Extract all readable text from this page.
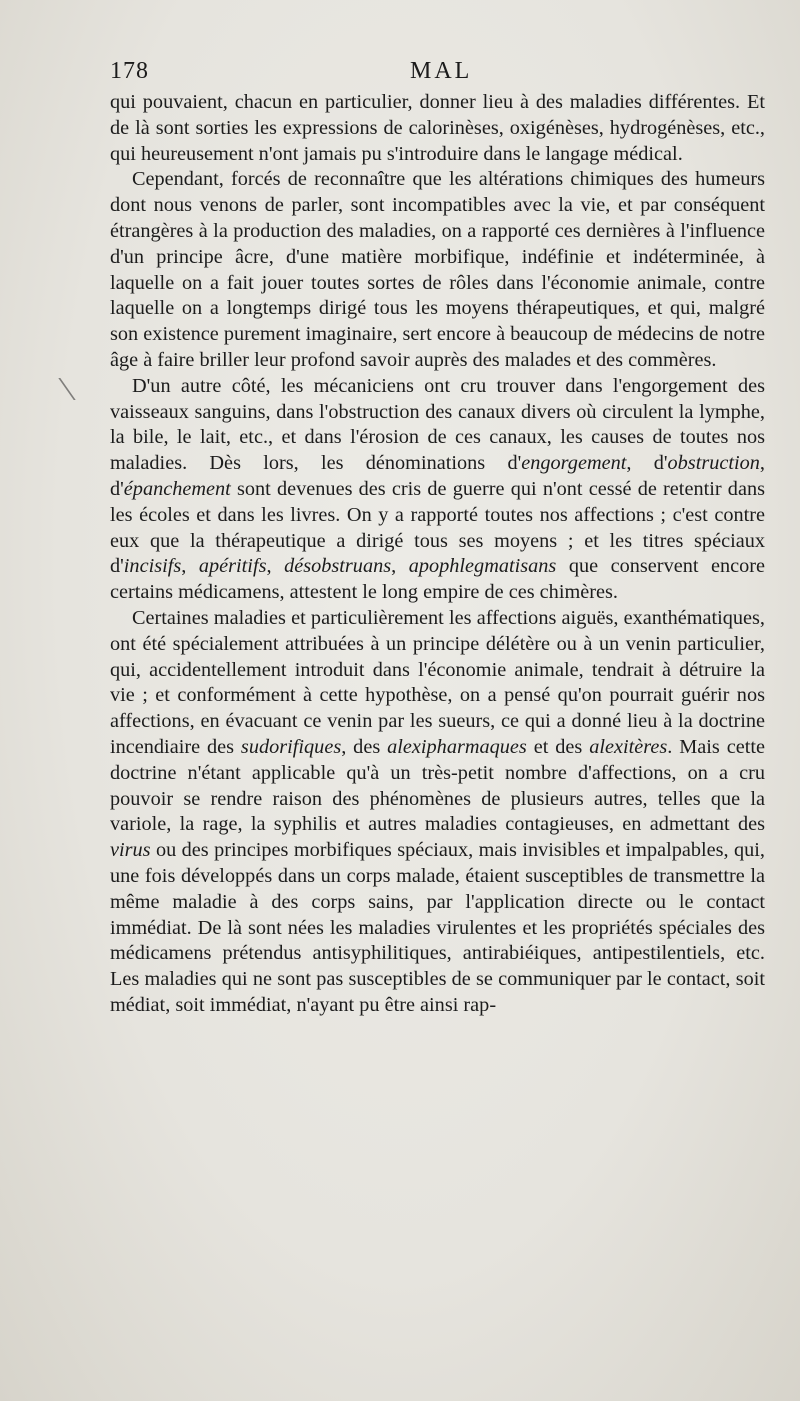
178	MAL

qui pouvaient, chacun en particulier, donner lieu à des maladies différentes. Et de là sont sorties les expressions de calorinèses, oxigénèses, hydrogénèses, etc., qui heureusement n'ont jamais pu s'introduire dans le langage médical.

Cependant, forcés de reconnaître que les altérations chimiques des humeurs dont nous venons de parler, sont incompatibles avec la vie, et par conséquent étrangères à la production des maladies, on a rapporté ces dernières à l'influence d'un principe âcre, d'une matière morbifique, indéfinie et indéterminée, à laquelle on a fait jouer toutes sortes de rôles dans l'économie animale, contre laquelle on a longtemps dirigé tous les moyens thérapeutiques, et qui, malgré son existence purement imaginaire, sert encore à beaucoup de médecins de notre âge à faire briller leur profond savoir auprès des malades et des commères.

D'un autre côté, les mécaniciens ont cru trouver dans l'engorgement des vaisseaux sanguins, dans l'obstruction des canaux divers où circulent la lymphe, la bile, le lait, etc., et dans l'érosion de ces canaux, les causes de toutes nos maladies. Dès lors, les dénominations d'engorgement, d'obstruction, d'épanchement sont devenues des cris de guerre qui n'ont cessé de retentir dans les écoles et dans les livres. On y a rapporté toutes nos affections ; c'est contre eux que la thérapeutique a dirigé tous ses moyens ; et les titres spéciaux d'incisifs, apéritifs, désobstruans, apophlegmatisans que conservent encore certains médicamens, attestent le long empire de ces chimères.

Certaines maladies et particulièrement les affections aiguës, exanthématiques, ont été spécialement attribuées à un principe délétère ou à un venin particulier, qui, accidentellement introduit dans l'économie animale, tendrait à détruire la vie ; et conformément à cette hypothèse, on a pensé qu'on pourrait guérir nos affections, en évacuant ce venin par les sueurs, ce qui a donné lieu à la doctrine incendiaire des sudorifiques, des alexipharmaques et des alexitères. Mais cette doctrine n'étant applicable qu'à un très-petit nombre d'affections, on a cru pouvoir se rendre raison des phénomènes de plusieurs autres, telles que la variole, la rage, la syphilis et autres maladies contagieuses, en admettant des virus ou des principes morbifiques spéciaux, mais invisibles et impalpables, qui, une fois développés dans un corps malade, étaient susceptibles de transmettre la même maladie à des corps sains, par l'application directe ou le contact immédiat. De là sont nées les maladies virulentes et les propriétés spéciales des médicamens prétendus antisyphilitiques, antirabiéiques, antipestilentiels, etc. Les maladies qui ne sont pas susceptibles de se communiquer par le contact, soit médiat, soit immédiat, n'ayant pu être ainsi rap-
